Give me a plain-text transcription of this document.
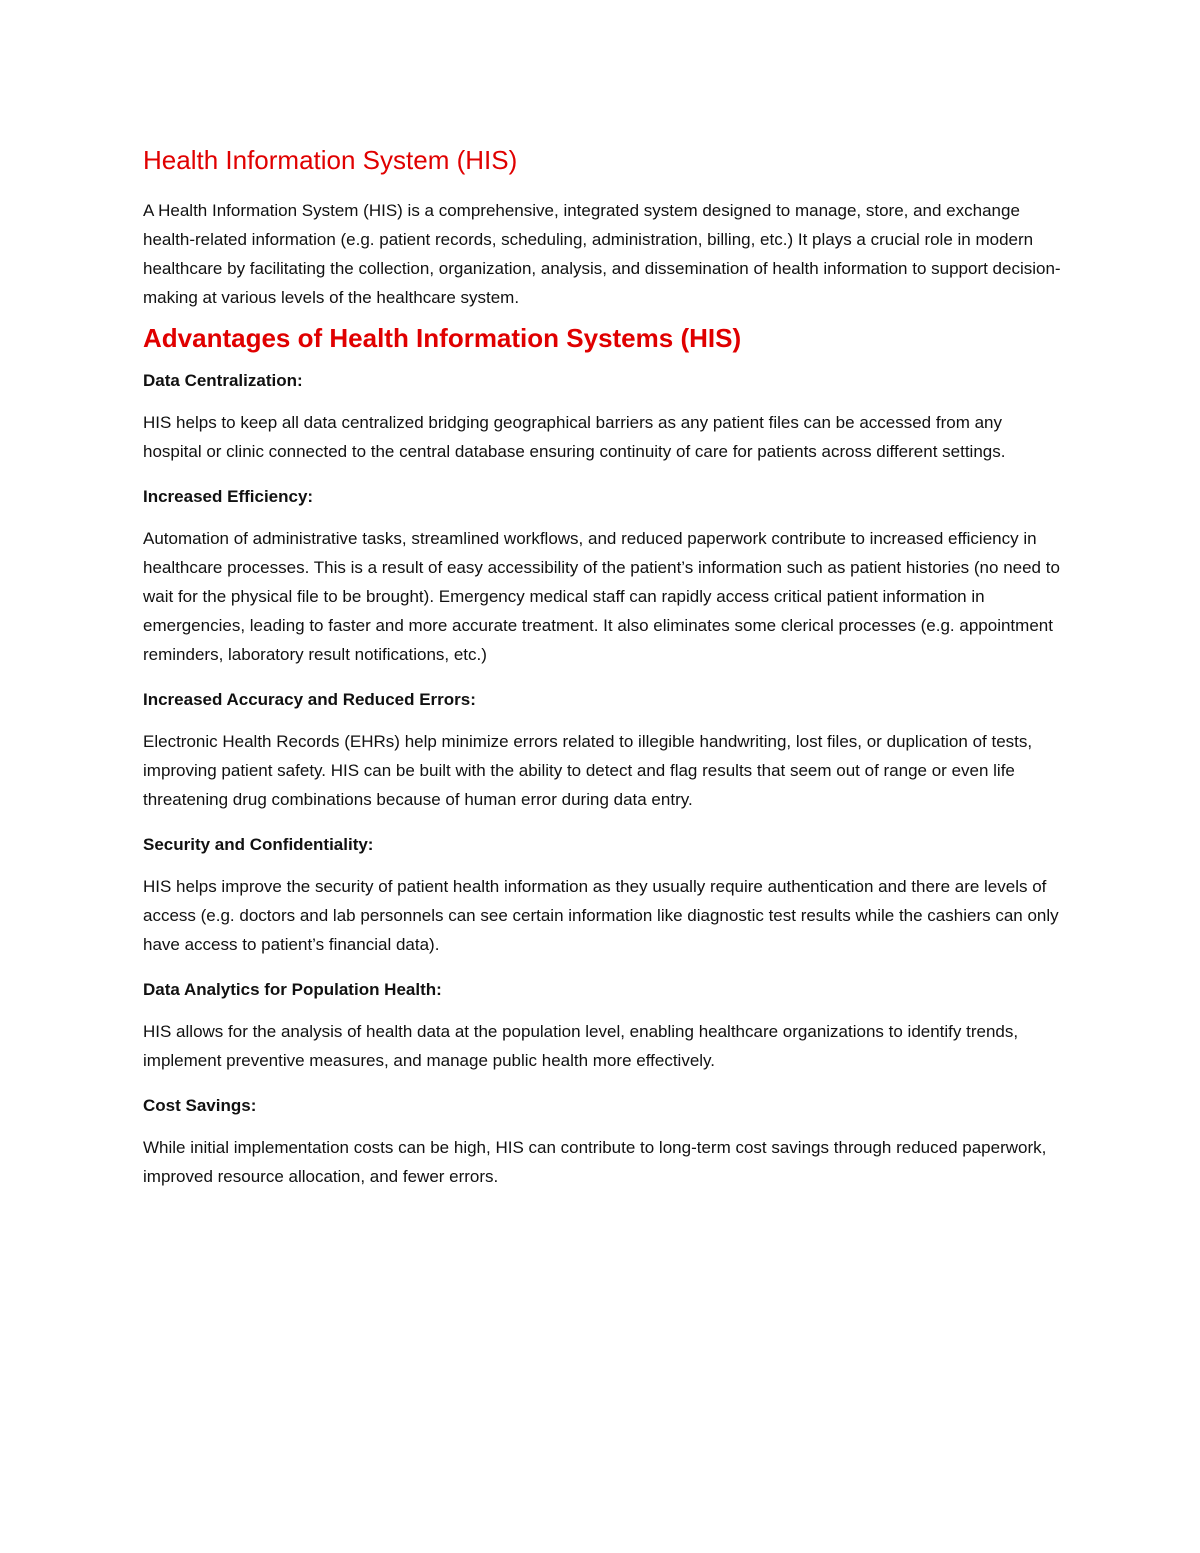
Health Information System (HIS)

A Health Information System (HIS) is a comprehensive, integrated system designed to manage, store, and exchange health-related information (e.g. patient records, scheduling, administration, billing, etc.) It plays a crucial role in modern healthcare by facilitating the collection, organization, analysis, and dissemination of health information to support decision-making at various levels of the healthcare system.

Advantages of Health Information Systems (HIS)
Data Centralization:

HIS helps to keep all data centralized bridging geographical barriers as any patient files can be accessed from any hospital or clinic connected to the central database ensuring continuity of care for patients across different settings.

Increased Efficiency:

Automation of administrative tasks, streamlined workflows, and reduced paperwork contribute to increased efficiency in healthcare processes. This is a result of easy accessibility of the patient’s information such as patient histories (no need to wait for the physical file to be brought). Emergency medical staff can rapidly access critical patient information in emergencies, leading to faster and more accurate treatment. It also eliminates some clerical processes (e.g. appointment reminders, laboratory result notifications, etc.)

Increased Accuracy and Reduced Errors:

Electronic Health Records (EHRs) help minimize errors related to illegible handwriting, lost files, or duplication of tests, improving patient safety. HIS can be built with the ability to detect and flag results that seem out of range or even life threatening drug combinations because of human error during data entry.

Security and Confidentiality:

HIS helps improve the security of patient health information as they usually require authentication and there are levels of access (e.g. doctors and lab personnels can see certain information like diagnostic test results while the cashiers can only have access to patient’s financial data).

Data Analytics for Population Health:

HIS allows for the analysis of health data at the population level, enabling healthcare organizations to identify trends, implement preventive measures, and manage public health more effectively.

Cost Savings:

While initial implementation costs can be high, HIS can contribute to long-term cost savings through reduced paperwork, improved resource allocation, and fewer errors.
